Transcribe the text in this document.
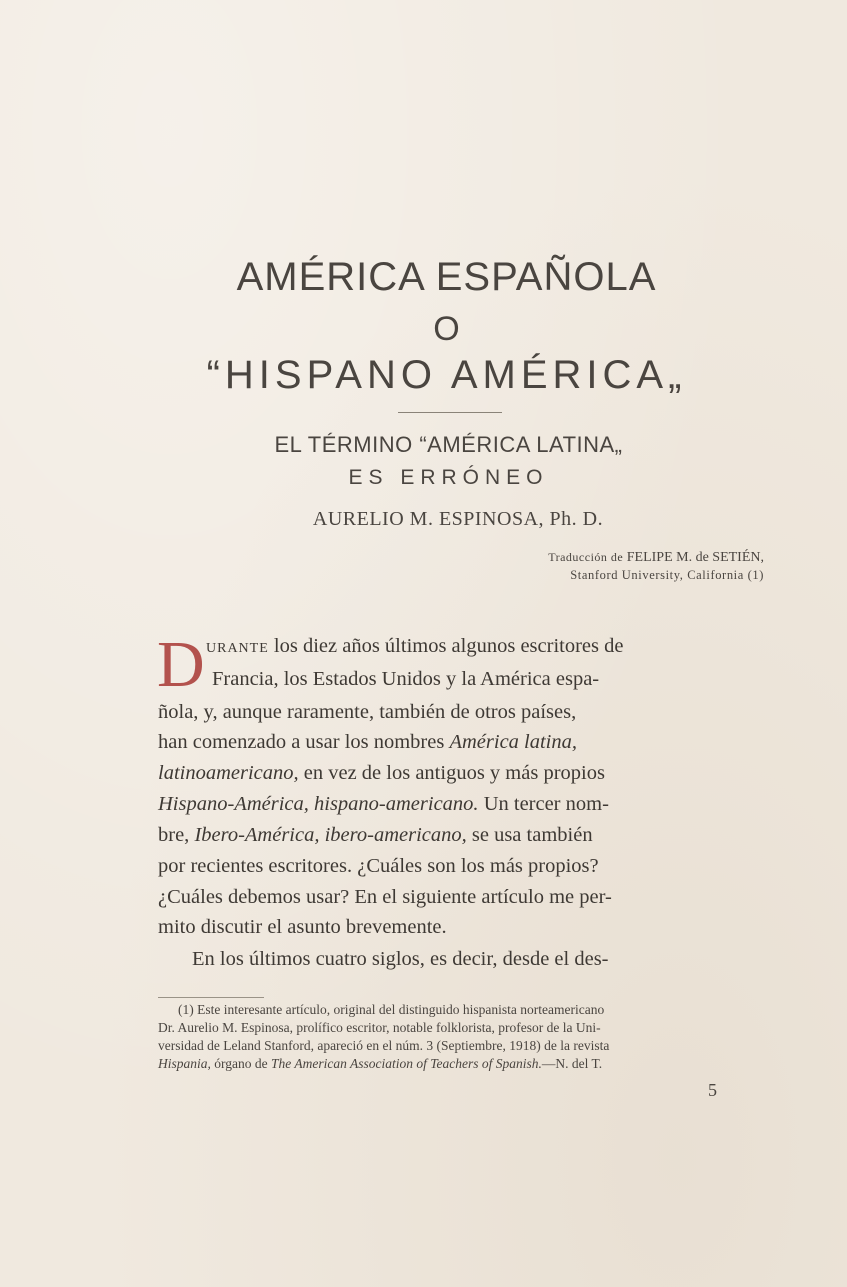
AMÉRICA ESPAÑOLA
O
“HISPANO AMÉRICA„
EL TÉRMINO “AMÉRICA LATINA„
ES ERRÓNEO
AURELIO M. ESPINOSA, Ph. D.
Traducción de FELIPE M. de SETIÉN,
Stanford University, California (1)
D URANTE los diez años últimos algunos escritores de
Francia, los Estados Unidos y la América espa-
ñola, y, aunque raramente, también de otros países,
han comenzado a usar los nombres América latina,
latinoamericano, en vez de los antiguos y más propios
Hispano-América, hispano-americano. Un tercer nom-
bre, Ibero-América, ibero-americano, se usa también
por recientes escritores. ¿Cuáles son los más propios?
¿Cuáles debemos usar? En el siguiente artículo me per-
mito discutir el asunto brevemente.
En los últimos cuatro siglos, es decir, desde el des-
(1) Este interesante artículo, original del distinguido hispanista norteamericano
Dr. Aurelio M. Espinosa, prolífico escritor, notable folklorista, profesor de la Uni-
versidad de Leland Stanford, apareció en el núm. 3 (Septiembre, 1918) de la revista
Hispania, órgano de The American Association of Teachers of Spanish.—N. del T.
5
